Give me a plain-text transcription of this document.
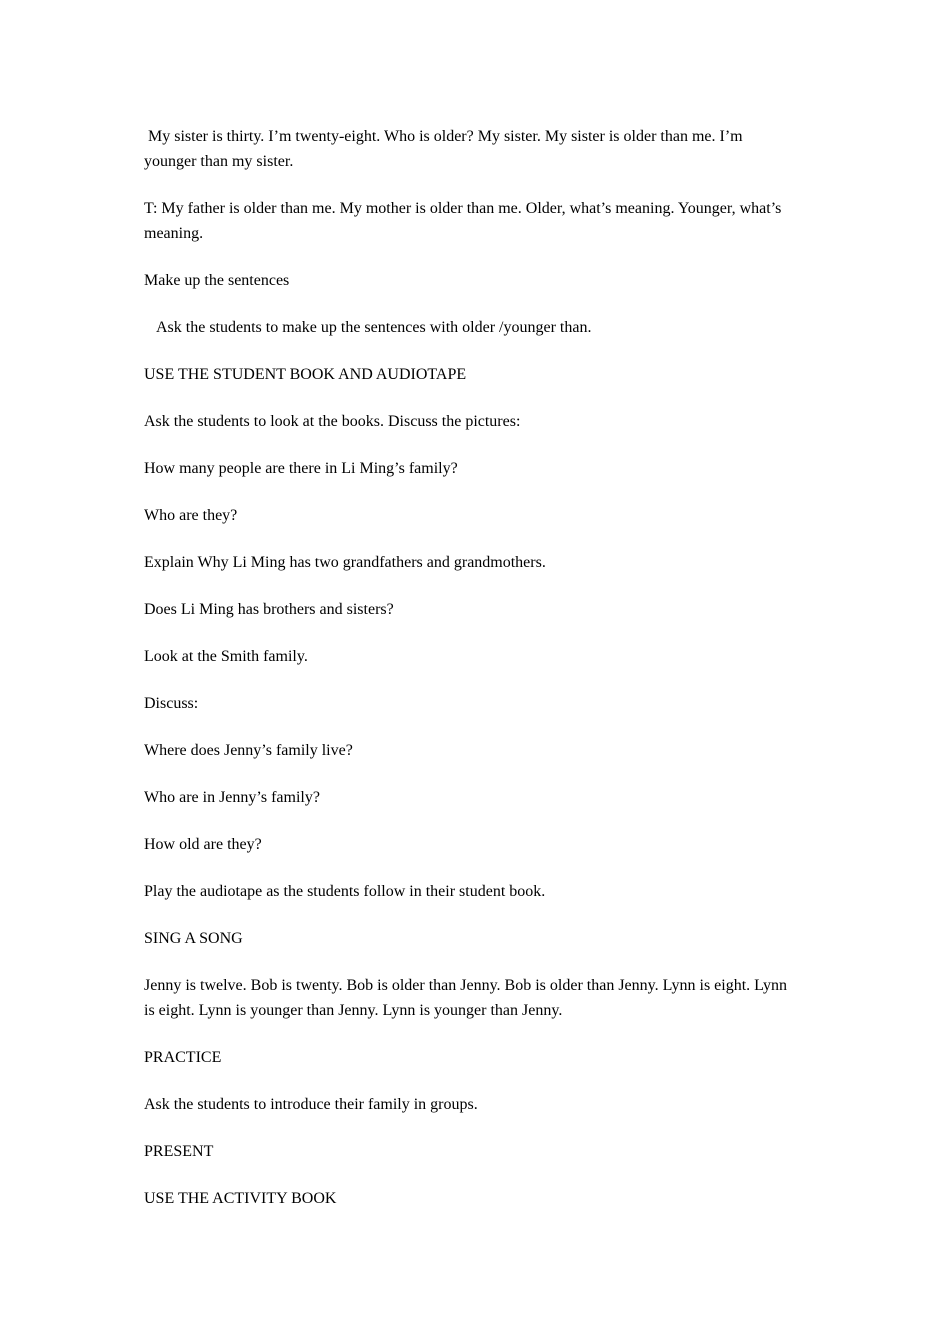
My sister is thirty. I’m twenty-eight. Who is older? My sister. My sister is older than me. I’m younger than my sister.

T: My father is older than me. My mother is older than me. Older, what’s meaning. Younger, what’s meaning.

Make up the sentences

Ask the students to make up the sentences with older /younger than.

USE THE STUDENT BOOK AND AUDIOTAPE

Ask the students to look at the books. Discuss the pictures:

How many people are there in Li Ming’s family?

Who are they?

Explain Why Li Ming has two grandfathers and grandmothers.

Does Li Ming has brothers and sisters?

Look at the Smith family.

Discuss:

Where does Jenny’s family live?

Who are in Jenny’s family?

How old are they?

Play the audiotape as the students follow in their student book.

SING A SONG

Jenny is twelve. Bob is twenty. Bob is older than Jenny. Bob is older than Jenny. Lynn is eight. Lynn is eight. Lynn is younger than Jenny. Lynn is younger than Jenny.

PRACTICE

Ask the students to introduce their family in groups.

PRESENT

USE THE ACTIVITY BOOK
